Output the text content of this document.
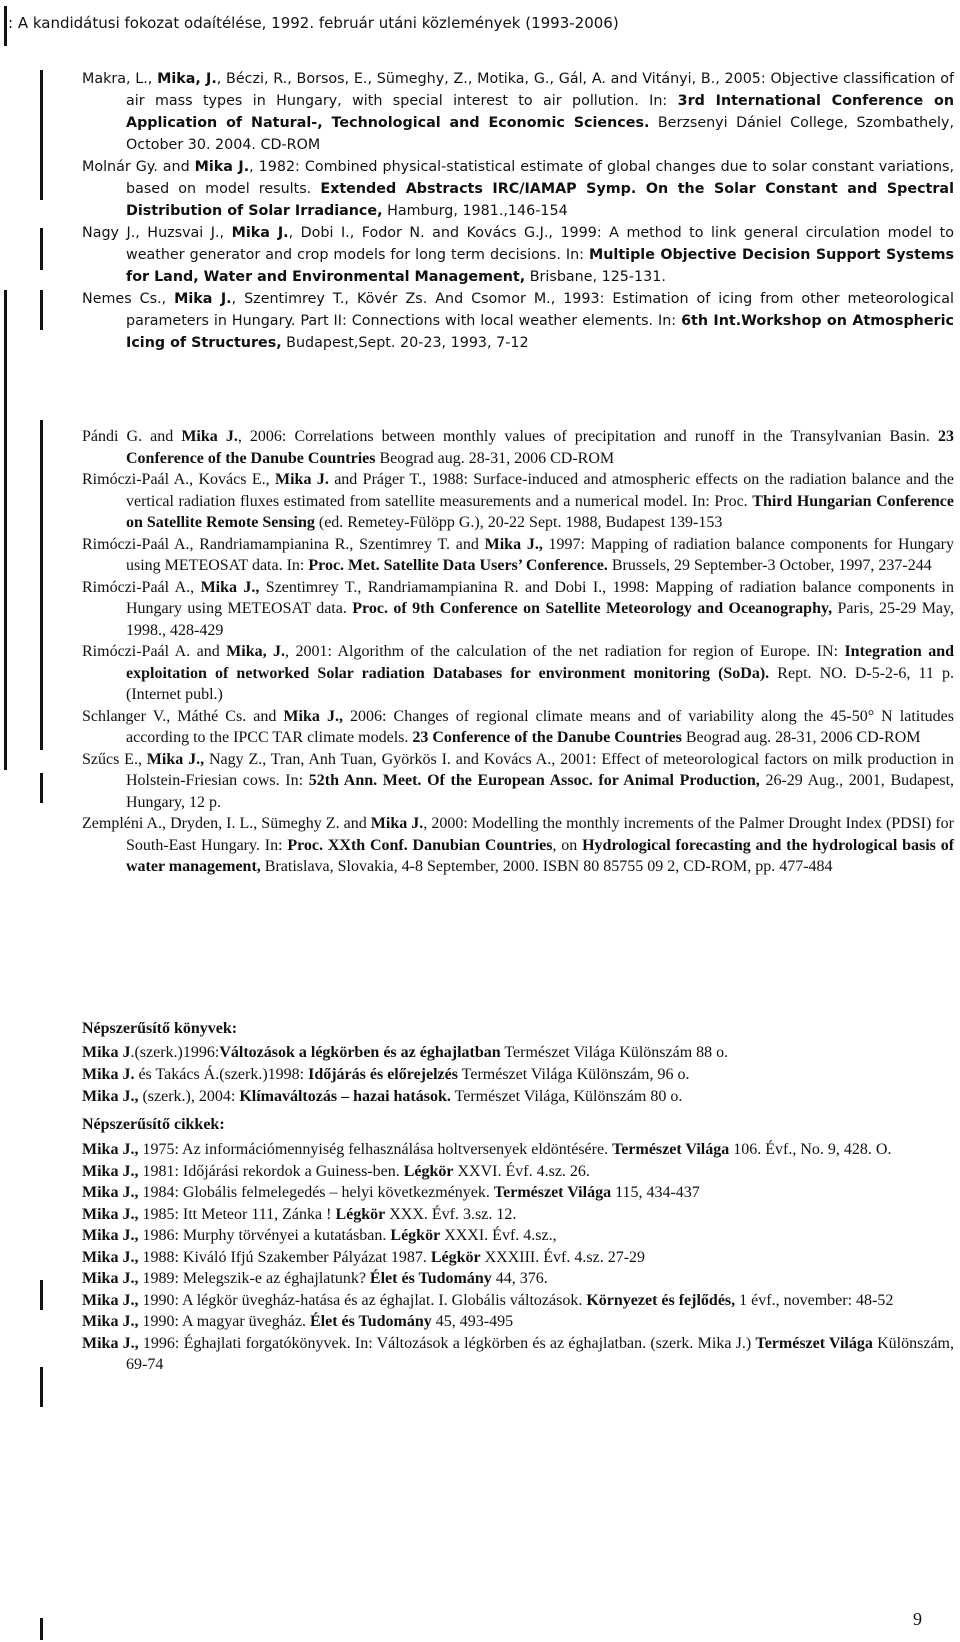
: A kandidátusi fokozat odaítélése, 1992. február utáni közlemények (1993-2006)

Makra, L., Mika, J., Béczi, R., Borsos, E., Sümeghy, Z., Motika, G., Gál, A. and Vitányi, B., 2005: Objective classification of air mass types in Hungary, with special interest to air pollution. In: 3rd International Conference on Application of Natural-, Technological and Economic Sciences. Berzsenyi Dániel College, Szombathely, October 30. 2004. CD-ROM

Molnár Gy. and Mika J., 1982: Combined physical-statistical estimate of global changes due to solar constant variations, based on model results. Extended Abstracts IRC/IAMAP Symp. On the Solar Constant and Spectral Distribution of Solar Irradiance, Hamburg, 1981.,146-154

Nagy J., Huzsvai J., Mika J., Dobi I., Fodor N. and Kovács G.J., 1999: A method to link general circulation model to weather generator and crop models for long term decisions. In: Multiple Objective Decision Support Systems for Land, Water and Environmental Management, Brisbane, 125-131.

Nemes Cs., Mika J., Szentimrey T., Kövér Zs. And Csomor M., 1993: Estimation of icing from other meteorological parameters in Hungary. Part II: Connections with local weather elements. In: 6th Int.Workshop on Atmospheric Icing of Structures, Budapest,Sept. 20-23, 1993, 7-12

Pándi G. and Mika J., 2006: Correlations between monthly values of precipitation and runoff in the Transylvanian Basin. 23 Conference of the Danube Countries Beograd aug. 28-31, 2006 CD-ROM

Rimóczi-Paál A., Kovács E., Mika J. and Práger T., 1988: Surface-induced and atmospheric effects on the radiation balance and the vertical radiation fluxes estimated from satellite measurements and a numerical model. In: Proc. Third Hungarian Conference on Satellite Remote Sensing (ed. Remetey-Fülöpp G.), 20-22 Sept. 1988, Budapest 139-153

Rimóczi-Paál A., Randriamampianina R., Szentimrey T. and Mika J., 1997: Mapping of radiation balance components for Hungary using METEOSAT data. In: Proc. Met. Satellite Data Users’ Conference. Brussels, 29 September-3 October, 1997, 237-244

Rimóczi-Paál A., Mika J., Szentimrey T., Randriamampianina R. and Dobi I., 1998: Mapping of radiation balance components in Hungary using METEOSAT data. Proc. of 9th Conference on Satellite Meteorology and Oceanography, Paris, 25-29 May, 1998., 428-429

Rimóczi-Paál A. and Mika, J., 2001: Algorithm of the calculation of the net radiation for region of Europe. IN: Integration and exploitation of networked Solar radiation Databases for environment monitoring (SoDa). Rept. NO. D-5-2-6, 11 p. (Internet publ.)

Schlanger V., Máthé Cs. and Mika J., 2006: Changes of regional climate means and of variability along the 45-50° N latitudes according to the IPCC TAR climate models. 23 Conference of the Danube Countries Beograd aug. 28-31, 2006 CD-ROM

Szűcs E., Mika J., Nagy Z., Tran, Anh Tuan, Györkös I. and Kovács A., 2001: Effect of meteorological factors on milk production in Holstein-Friesian cows. In: 52th Ann. Meet. Of the European Assoc. for Animal Production, 26-29 Aug., 2001, Budapest, Hungary, 12 p.

Zempléni A., Dryden, I. L., Sümeghy Z. and Mika J., 2000: Modelling the monthly increments of the Palmer Drought Index (PDSI) for South-East Hungary. In: Proc. XXth Conf. Danubian Countries, on Hydrological forecasting and the hydrological basis of water management, Bratislava, Slovakia, 4-8 September, 2000. ISBN 80 85755 09 2, CD-ROM, pp. 477-484

Népszerűsítő könyvek:

Mika J.(szerk.)1996:Változások a légkörben és az éghajlatban Természet Világa Különszám 88 o.

Mika J. és Takács Á.(szerk.)1998: Időjárás és előrejelzés Természet Világa Különszám, 96 o.

Mika J., (szerk.), 2004: Klímaváltozás – hazai hatások. Természet Világa, Különszám 80 o.

Népszerűsítő cikkek:

Mika J., 1975: Az információmennyiség felhasználása holtversenyek eldöntésére. Természet Világa 106. Évf., No. 9, 428. O.

Mika J., 1981: Időjárási rekordok a Guiness-ben. Légkör XXVI. Évf. 4.sz. 26.

Mika J., 1984: Globális felmelegedés – helyi következmények. Természet Világa 115, 434-437

Mika J., 1985: Itt Meteor 111, Zánka ! Légkör XXX. Évf. 3.sz. 12.

Mika J., 1986: Murphy törvényei a kutatásban. Légkör XXXI. Évf. 4.sz.,

Mika J., 1988: Kiváló Ifjú Szakember Pályázat 1987. Légkör XXXIII. Évf. 4.sz. 27-29

Mika J., 1989: Melegszik-e az éghajlatunk? Élet és Tudomány 44, 376.

Mika J., 1990: A légkör üvegház-hatása és az éghajlat. I. Globális változások. Környezet és fejlődés, 1 évf., november: 48-52

Mika J., 1990: A magyar üvegház. Élet és Tudomány 45, 493-495

Mika J., 1996: Éghajlati forgatókönyvek. In: Változások a légkörben és az éghajlatban. (szerk. Mika J.) Természet Világa Különszám, 69-74

9
